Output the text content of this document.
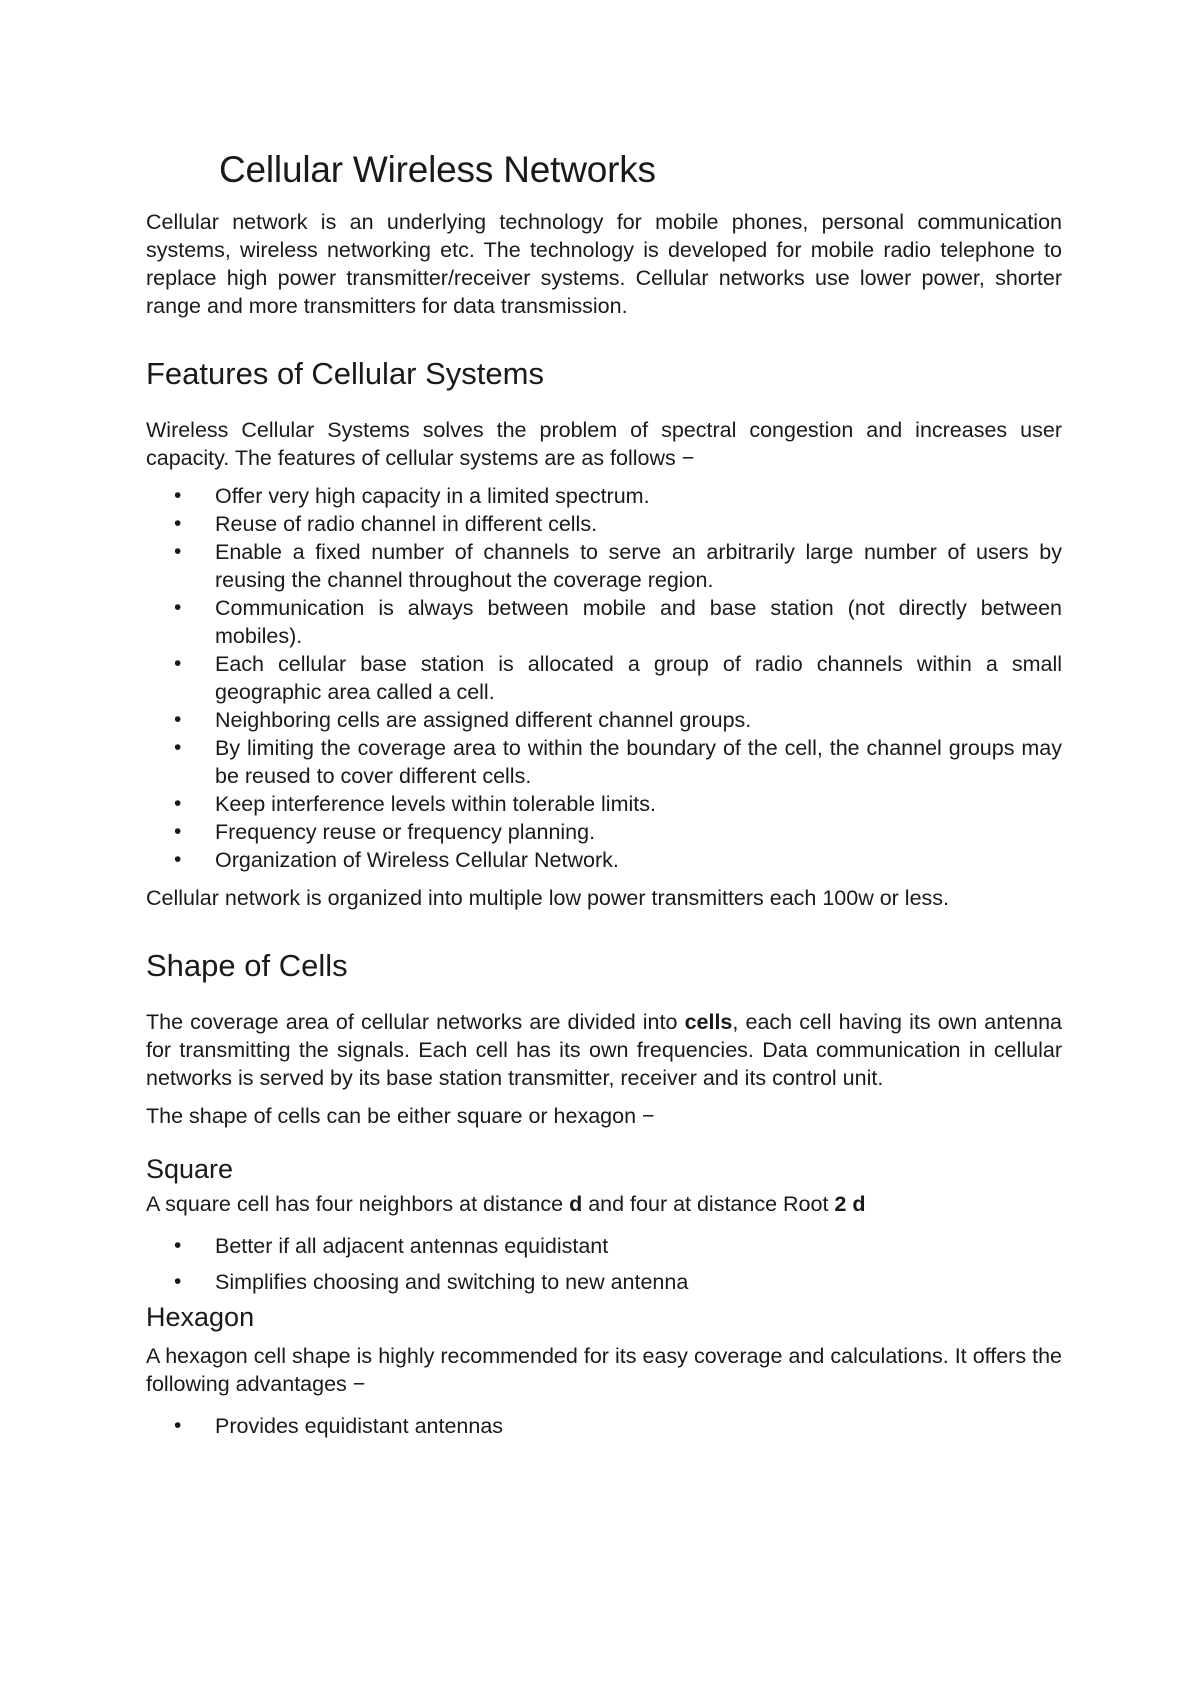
Cellular Wireless Networks

Cellular network is an underlying technology for mobile phones, personal communication systems, wireless networking etc. The technology is developed for mobile radio telephone to replace high power transmitter/receiver systems. Cellular networks use lower power, shorter range and more transmitters for data transmission.

Features of Cellular Systems

Wireless Cellular Systems solves the problem of spectral congestion and increases user capacity. The features of cellular systems are as follows −

• Offer very high capacity in a limited spectrum.
• Reuse of radio channel in different cells.
• Enable a fixed number of channels to serve an arbitrarily large number of users by reusing the channel throughout the coverage region.
• Communication is always between mobile and base station (not directly between mobiles).
• Each cellular base station is allocated a group of radio channels within a small geographic area called a cell.
• Neighboring cells are assigned different channel groups.
• By limiting the coverage area to within the boundary of the cell, the channel groups may be reused to cover different cells.
• Keep interference levels within tolerable limits.
• Frequency reuse or frequency planning.
• Organization of Wireless Cellular Network.

Cellular network is organized into multiple low power transmitters each 100w or less.

Shape of Cells

The coverage area of cellular networks are divided into cells, each cell having its own antenna for transmitting the signals. Each cell has its own frequencies. Data communication in cellular networks is served by its base station transmitter, receiver and its control unit.

The shape of cells can be either square or hexagon −

Square

A square cell has four neighbors at distance d and four at distance Root 2 d

• Better if all adjacent antennas equidistant
• Simplifies choosing and switching to new antenna
Hexagon

A hexagon cell shape is highly recommended for its easy coverage and calculations. It offers the following advantages −

• Provides equidistant antennas
